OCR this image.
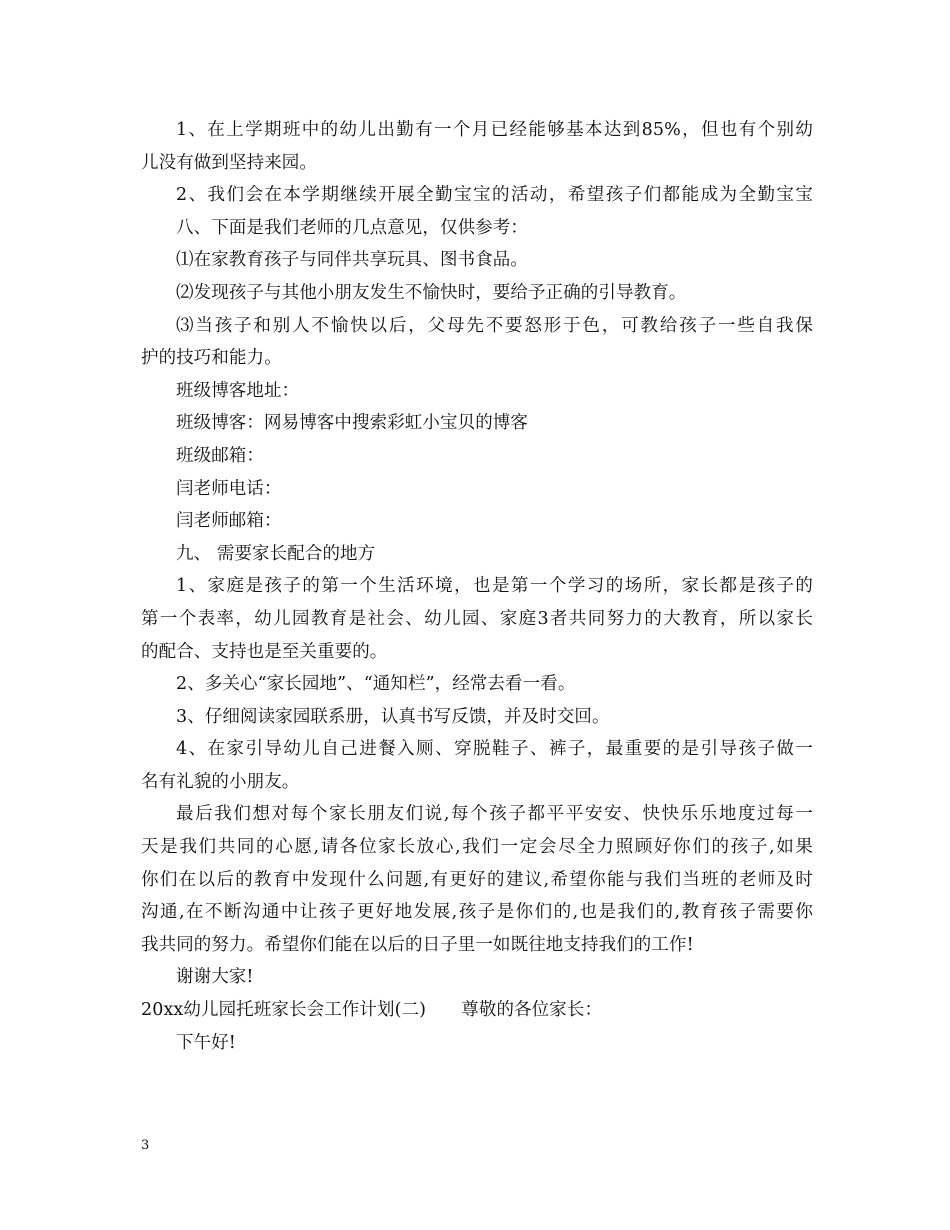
1、在上学期班中的幼儿出勤有一个月已经能够基本达到85%，但也有个别幼
儿没有做到坚持来园。
2、我们会在本学期继续开展全勤宝宝的活动，希望孩子们都能成为全勤宝宝
八、下面是我们老师的几点意见，仅供参考：
⑴在家教育孩子与同伴共享玩具、图书食品。
⑵发现孩子与其他小朋友发生不愉快时，要给予正确的引导教育。
⑶当孩子和别人不愉快以后，父母先不要怒形于色，可教给孩子一些自我保
护的技巧和能力。
班级博客地址：
班级博客：网易博客中搜索彩虹小宝贝的博客
班级邮箱：
闫老师电话：
闫老师邮箱：
九、 需要家长配合的地方
1、家庭是孩子的第一个生活环境，也是第一个学习的场所，家长都是孩子的
第一个表率，幼儿园教育是社会、幼儿园、家庭3者共同努力的大教育，所以家长
的配合、支持也是至关重要的。
2、多关心“家长园地”、“通知栏”，经常去看一看。
3、仔细阅读家园联系册，认真书写反馈，并及时交回。
4、在家引导幼儿自己进餐入厕、穿脱鞋子、裤子，最重要的是引导孩子做一
名有礼貌的小朋友。
最后我们想对每个家长朋友们说,每个孩子都平平安安、快快乐乐地度过每一
天是我们共同的心愿,请各位家长放心,我们一定会尽全力照顾好你们的孩子,如果
你们在以后的教育中发现什么问题,有更好的建议,希望你能与我们当班的老师及时
沟通,在不断沟通中让孩子更好地发展,孩子是你们的,也是我们的,教育孩子需要你
我共同的努力。希望你们能在以后的日子里一如既往地支持我们的工作!
谢谢大家!
20xx幼儿园托班家长会工作计划(二)　　尊敬的各位家长：
下午好!
3
